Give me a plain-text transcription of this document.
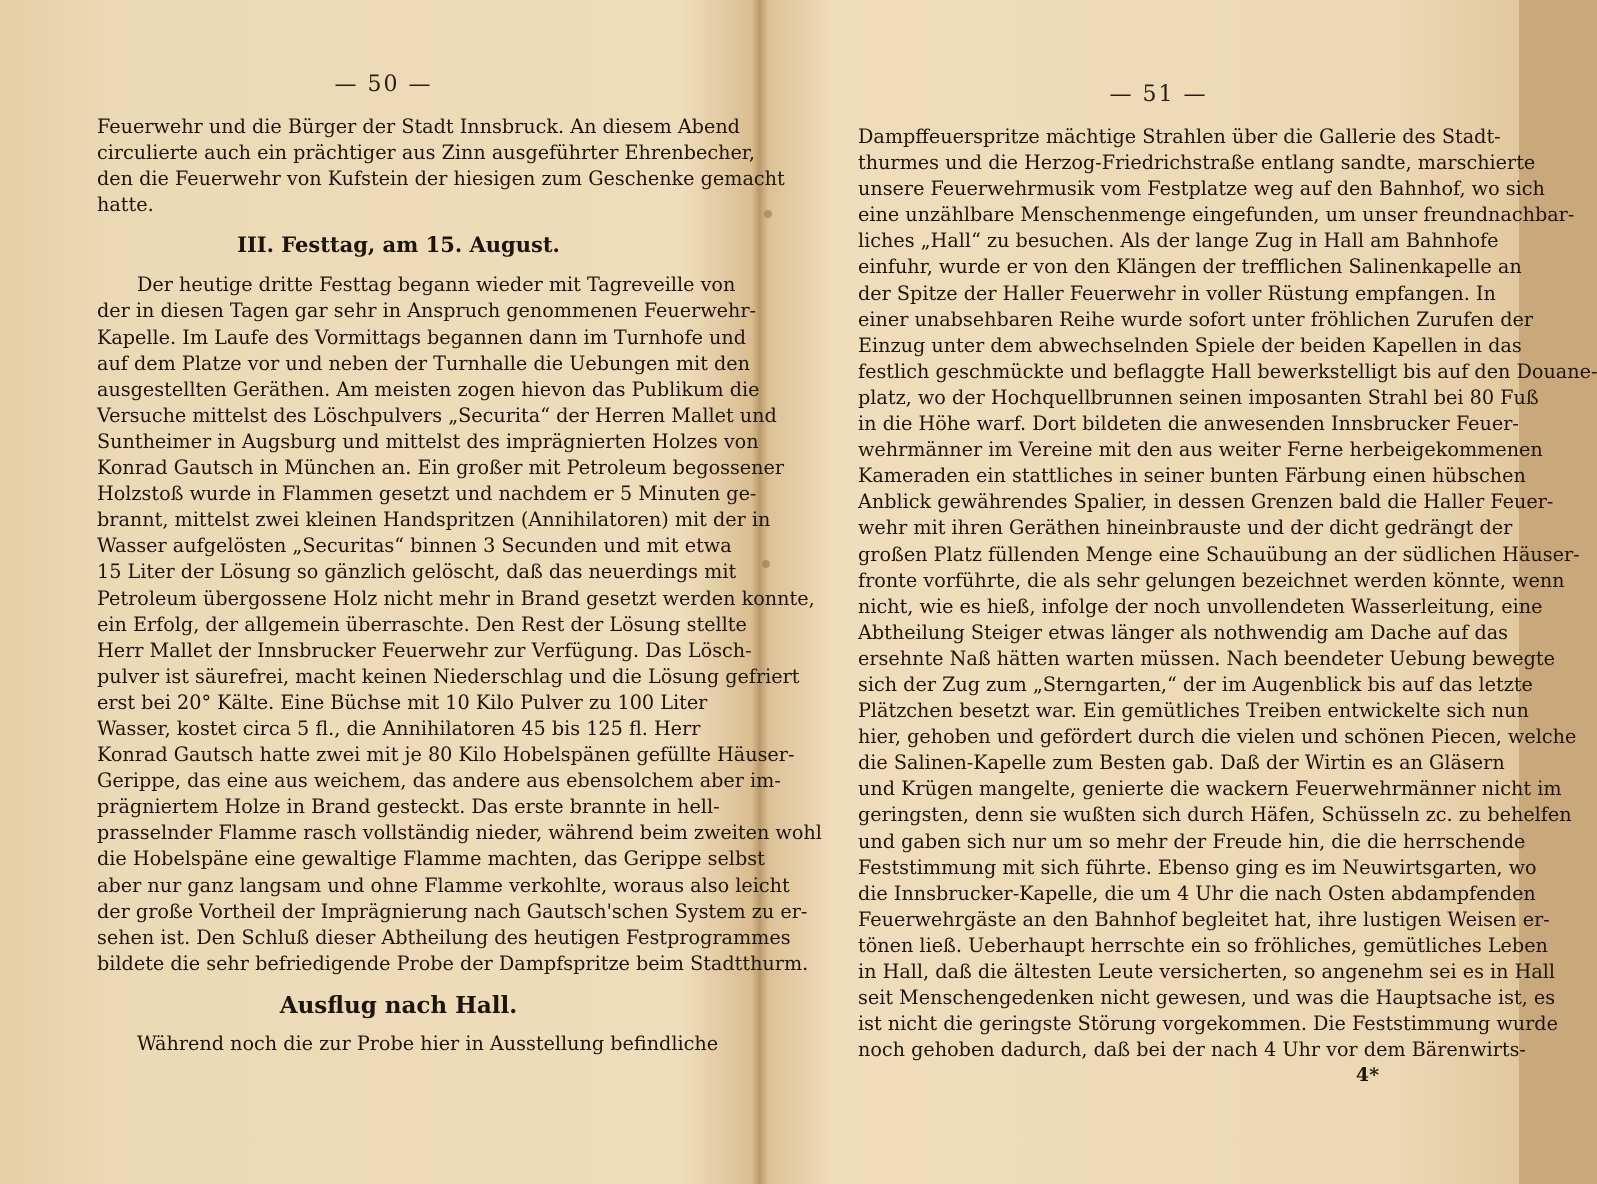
— 50 —
Feuerwehr und die Bürger der Stadt Innsbruck. An diesem Abend
circulierte auch ein prächtiger aus Zinn ausgeführter Ehrenbecher,
den die Feuerwehr von Kufstein der hiesigen zum Geschenke gemacht
hatte.
III. Festtag, am 15. August.
Der heutige dritte Festtag begann wieder mit Tagreveille von
der in diesen Tagen gar sehr in Anspruch genommenen Feuerwehr-
Kapelle. Im Laufe des Vormittags begannen dann im Turnhofe und
auf dem Platze vor und neben der Turnhalle die Uebungen mit den
ausgestellten Geräthen. Am meisten zogen hievon das Publikum die
Versuche mittelst des Löschpulvers „Securita“ der Herren Mallet und
Suntheimer in Augsburg und mittelst des imprägnierten Holzes von
Konrad Gautsch in München an. Ein großer mit Petroleum begossener
Holzstoß wurde in Flammen gesetzt und nachdem er 5 Minuten ge-
brannt, mittelst zwei kleinen Handspritzen (Annihilatoren) mit der in
Wasser aufgelösten „Securitas“ binnen 3 Secunden und mit etwa
15 Liter der Lösung so gänzlich gelöscht, daß das neuerdings mit
Petroleum übergossene Holz nicht mehr in Brand gesetzt werden konnte,
ein Erfolg, der allgemein überraschte. Den Rest der Lösung stellte
Herr Mallet der Innsbrucker Feuerwehr zur Verfügung. Das Lösch-
pulver ist säurefrei, macht keinen Niederschlag und die Lösung gefriert
erst bei 20° Kälte. Eine Büchse mit 10 Kilo Pulver zu 100 Liter
Wasser, kostet circa 5 fl., die Annihilatoren 45 bis 125 fl. Herr
Konrad Gautsch hatte zwei mit je 80 Kilo Hobelspänen gefüllte Häuser-
Gerippe, das eine aus weichem, das andere aus ebensolchem aber im-
prägniertem Holze in Brand gesteckt. Das erste brannte in hell-
prasselnder Flamme rasch vollständig nieder, während beim zweiten wohl
die Hobelspäne eine gewaltige Flamme machten, das Gerippe selbst
aber nur ganz langsam und ohne Flamme verkohlte, woraus also leicht
der große Vortheil der Imprägnierung nach Gautsch'schen System zu er-
sehen ist. Den Schluß dieser Abtheilung des heutigen Festprogrammes
bildete die sehr befriedigende Probe der Dampfspritze beim Stadtthurm.
Ausflug nach Hall.
Während noch die zur Probe hier in Ausstellung befindliche
— 51 —
Dampffeuerspritze mächtige Strahlen über die Gallerie des Stadt-
thurmes und die Herzog-Friedrichstraße entlang sandte, marschierte
unsere Feuerwehrmusik vom Festplatze weg auf den Bahnhof, wo sich
eine unzählbare Menschenmenge eingefunden, um unser freundnachbar-
liches „Hall“ zu besuchen. Als der lange Zug in Hall am Bahnhofe
einfuhr, wurde er von den Klängen der trefflichen Salinenkapelle an
der Spitze der Haller Feuerwehr in voller Rüstung empfangen. In
einer unabsehbaren Reihe wurde sofort unter fröhlichen Zurufen der
Einzug unter dem abwechselnden Spiele der beiden Kapellen in das
festlich geschmückte und beflaggte Hall bewerkstelligt bis auf den Douane-
platz, wo der Hochquellbrunnen seinen imposanten Strahl bei 80 Fuß
in die Höhe warf. Dort bildeten die anwesenden Innsbrucker Feuer-
wehrmänner im Vereine mit den aus weiter Ferne herbeigekommenen
Kameraden ein stattliches in seiner bunten Färbung einen hübschen
Anblick gewährendes Spalier, in dessen Grenzen bald die Haller Feuer-
wehr mit ihren Geräthen hineinbrauste und der dicht gedrängt der
großen Platz füllenden Menge eine Schauübung an der südlichen Häuser-
fronte vorführte, die als sehr gelungen bezeichnet werden könnte, wenn
nicht, wie es hieß, infolge der noch unvollendeten Wasserleitung, eine
Abtheilung Steiger etwas länger als nothwendig am Dache auf das
ersehnte Naß hätten warten müssen. Nach beendeter Uebung bewegte
sich der Zug zum „Sterngarten,“ der im Augenblick bis auf das letzte
Plätzchen besetzt war. Ein gemütliches Treiben entwickelte sich nun
hier, gehoben und gefördert durch die vielen und schönen Piecen, welche
die Salinen-Kapelle zum Besten gab. Daß der Wirtin es an Gläsern
und Krügen mangelte, genierte die wackern Feuerwehrmänner nicht im
geringsten, denn sie wußten sich durch Häfen, Schüsseln zc. zu behelfen
und gaben sich nur um so mehr der Freude hin, die die herrschende
Feststimmung mit sich führte. Ebenso ging es im Neuwirtsgarten, wo
die Innsbrucker-Kapelle, die um 4 Uhr die nach Osten abdampfenden
Feuerwehrgäste an den Bahnhof begleitet hat, ihre lustigen Weisen er-
tönen ließ. Ueberhaupt herrschte ein so fröhliches, gemütliches Leben
in Hall, daß die ältesten Leute versicherten, so angenehm sei es in Hall
seit Menschengedenken nicht gewesen, und was die Hauptsache ist, es
ist nicht die geringste Störung vorgekommen. Die Feststimmung wurde
noch gehoben dadurch, daß bei der nach 4 Uhr vor dem Bärenwirts-
4*
